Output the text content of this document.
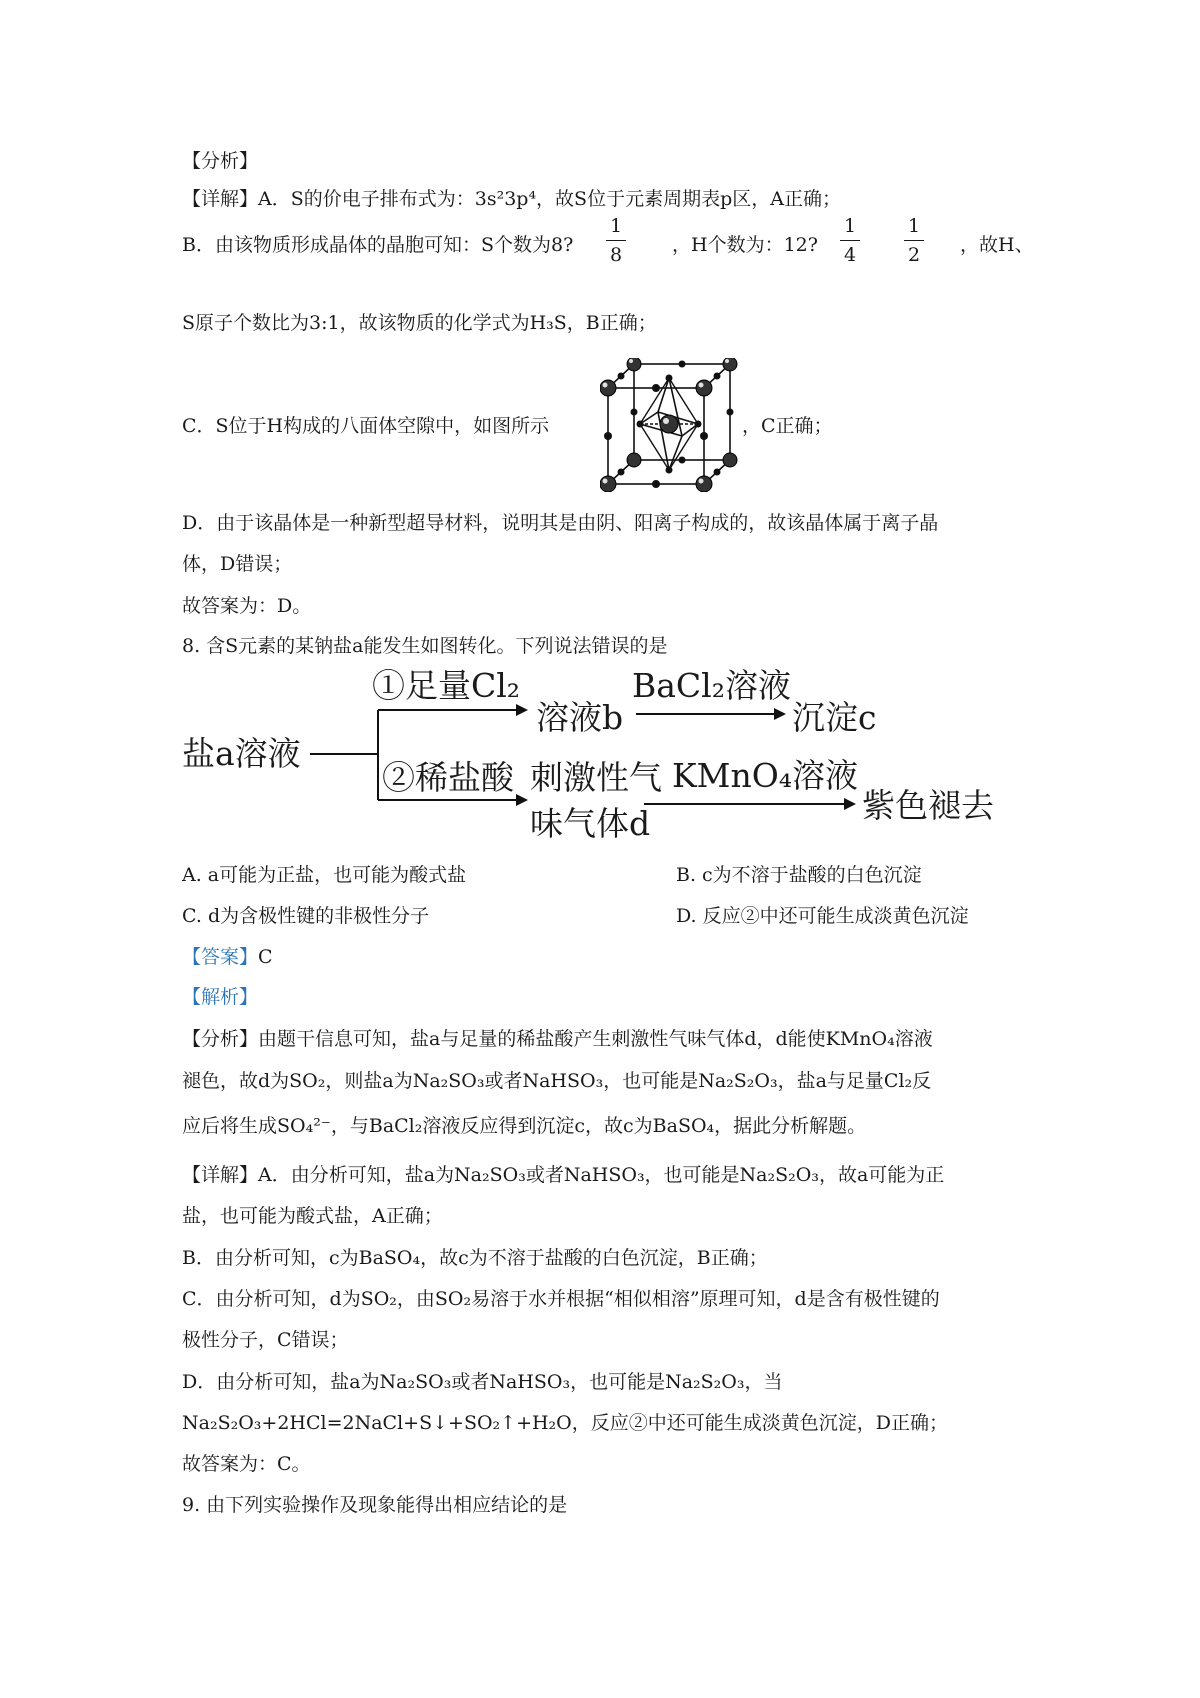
【分析】
【详解】A．S的价电子排布式为：3s²3p⁴，故S位于元素周期表p区，A正确；
B．由该物质形成晶体的晶胞可知：S个数为8?
1
8	，H个数为：12?
1
4
1
2 ，故H、
S原子个数比为3:1，故该物质的化学式为H₃S，B正确；
C．S位于H构成的八面体空隙中，如图所示	，C正确；
D．由于该晶体是一种新型超导材料，说明其是由阴、阳离子构成的，故该晶体属于离子晶
体，D错误；
故答案为：D。
8. 含S元素的某钠盐a能发生如图转化。下列说法错误的是
盐a溶液
①足量Cl₂
溶液b
BaCl₂溶液
沉淀c
②稀盐酸 刺激性气
味气体d
KMnO₄溶液
紫色褪去
A. a可能为正盐，也可能为酸式盐	B. c为不溶于盐酸的白色沉淀
C. d为含极性键的非极性分子	D. 反应②中还可能生成淡黄色沉淀
【答案】C
【解析】
【分析】由题干信息可知，盐a与足量的稀盐酸产生刺激性气味气体d，d能使KMnO₄溶液
褪色，故d为SO₂，则盐a为Na₂SO₃或者NaHSO₃，也可能是Na₂S₂O₃，盐a与足量Cl₂反
应后将生成SO₄²⁻，与BaCl₂溶液反应得到沉淀c，故c为BaSO₄，据此分析解题。
【详解】A．由分析可知，盐a为Na₂SO₃或者NaHSO₃，也可能是Na₂S₂O₃，故a可能为正
盐，也可能为酸式盐，A正确；
B．由分析可知，c为BaSO₄，故c为不溶于盐酸的白色沉淀，B正确；
C．由分析可知，d为SO₂，由SO₂易溶于水并根据“相似相溶”原理可知，d是含有极性键的
极性分子，C错误；
D．由分析可知，盐a为Na₂SO₃或者NaHSO₃，也可能是Na₂S₂O₃，当
Na₂S₂O₃+2HCl=2NaCl+S↓+SO₂↑+H₂O，反应②中还可能生成淡黄色沉淀，D正确；
故答案为：C。
9. 由下列实验操作及现象能得出相应结论的是
